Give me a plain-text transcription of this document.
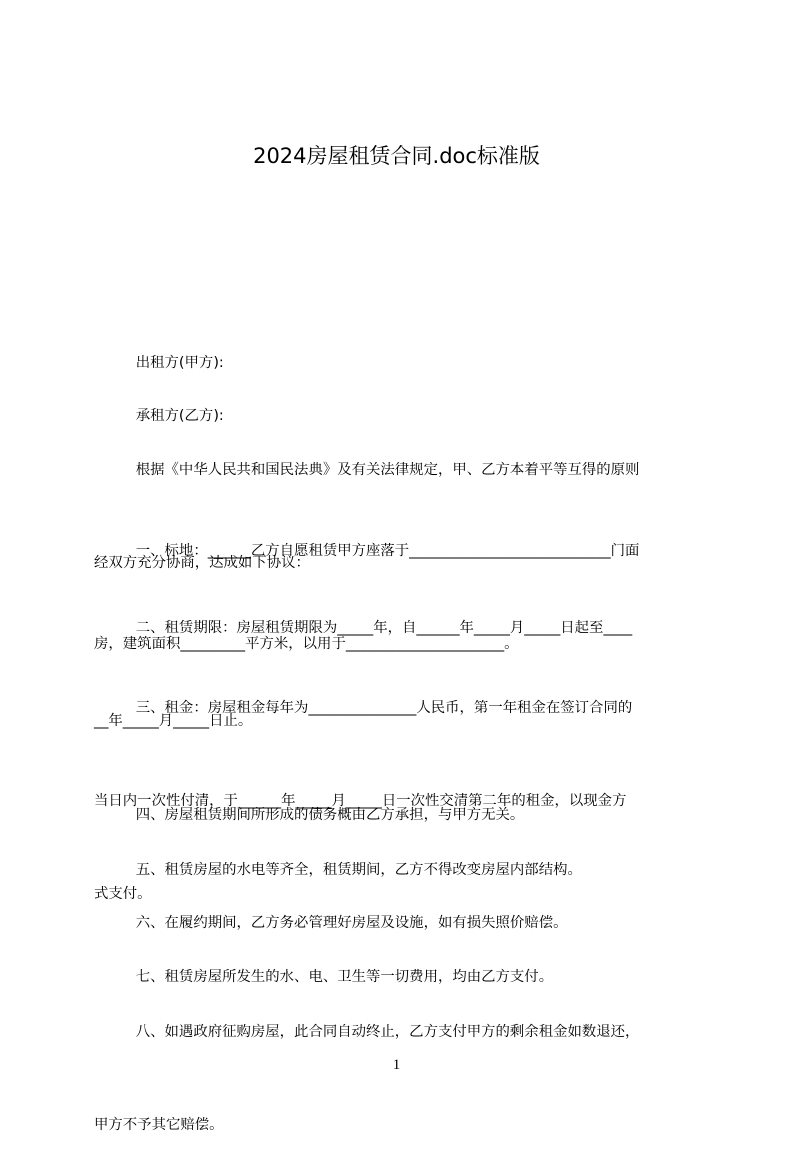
2024房屋租赁合同.doc标准版

出租方(甲方):

承租方(乙方):

根据《中华人民共和国民法典》及有关法律规定，甲、乙方本着平等互得的原则

经双方充分协商，达成如下协议：

一、标地：______乙方自愿租赁甲方座落于____________________________门面

房，建筑面积_________平方米，以用于______________________。

二、租赁期限：房屋租赁期限为_____年，自______年_____月_____日起至____

__年_____月_____日止。

三、租金：房屋租金每年为_______________人民币，第一年租金在签订合同的

当日内一次性付清，于______年_____月_____日一次性交清第二年的租金，以现金方

式支付。

四、房屋租赁期间所形成的债务概由乙方承担，与甲方无关。

五、租赁房屋的水电等齐全，租赁期间，乙方不得改变房屋内部结构。

六、在履约期间，乙方务必管理好房屋及设施，如有损失照价赔偿。

七、租赁房屋所发生的水、电、卫生等一切费用，均由乙方支付。

八、如遇政府征购房屋，此合同自动终止，乙方支付甲方的剩余租金如数退还，

甲方不予其它赔偿。

1
